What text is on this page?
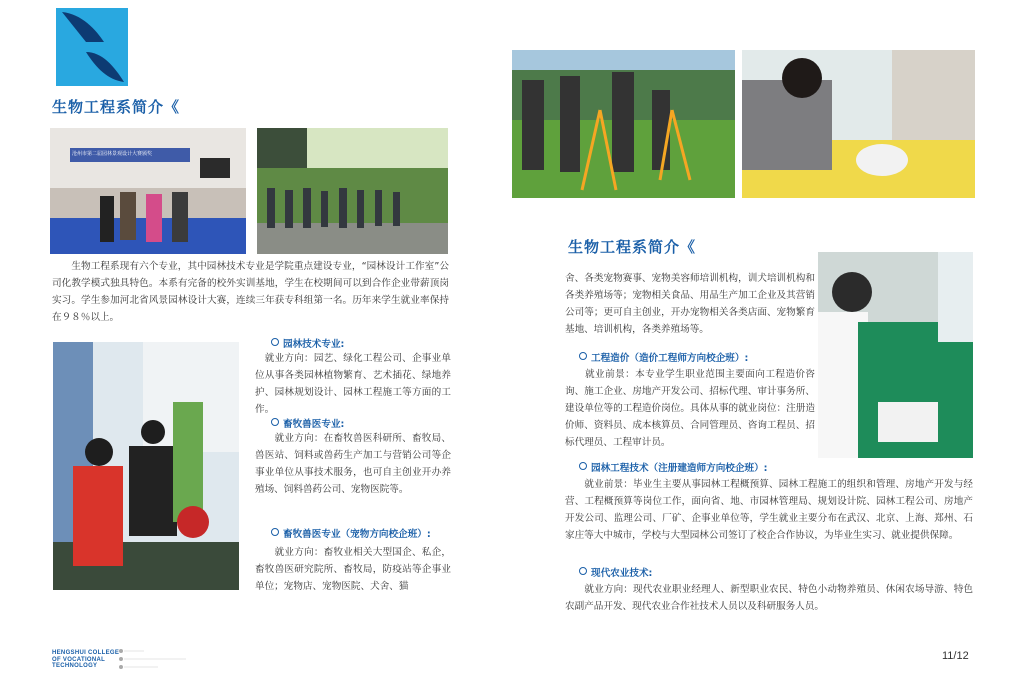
生物工程系简介《
沧州市第二届园林景观设计大赛颁奖
　　生物工程系现有六个专业，其中园林技术专业是学院重点建设专业，“园林设计工作室”公司化教学模式独具特色。本系有完备的校外实训基地，学生在校期间可以到合作企业带薪顶岗实习。学生参加河北省风景园林设计大赛，连续三年获专科组第一名。历年来学生就业率保持在９８％以上。
园林技术专业:
　就业方向：园艺、绿化工程公司、企事业单位从事各类园林植物繁育、艺术插花、绿地养护、园林规划设计、园林工程施工等方面的工作。
畜牧兽医专业:
　　就业方向：在畜牧兽医科研所、畜牧局、兽医站、饲料或兽药生产加工与营销公司等企事业单位从事技术服务，也可自主创业开办养殖场、饲料兽药公司、宠物医院等。
畜牧兽医专业（宠物方向校企班）:
　　就业方向：畜牧业相关大型国企、私企，畜牧兽医研究院所、畜牧局，防疫站等企事业单位；宠物店、宠物医院、犬舍、猫
生物工程系简介《
舍、各类宠物赛事、宠物美容师培训机构，训犬培训机构和各类养殖场等；宠物相关食品、用品生产加工企业及其营销公司等；更可自主创业，开办宠物相关各类店面、宠物繁育基地、培训机构，各类养殖场等。
工程造价（造价工程师方向校企班）:
　　就业前景：本专业学生职业范围主要面向工程造价咨询、施工企业、房地产开发公司、招标代理、审计事务所、建设单位等的工程造价岗位。具体从事的就业岗位：注册造价师、资料员、成本核算员、合同管理员、咨询工程员、招标代理员、工程审计员。
园林工程技术（注册建造师方向校企班）:
　　就业前景：毕业生主要从事园林工程概预算、园林工程施工的组织和管理、房地产开发与经营、工程概预算等岗位工作，面向省、地、市园林管理局、规划设计院、园林工程公司、房地产开发公司、监理公司、厂矿、企事业单位等，学生就业主要分布在武汉、北京、上海、郑州、石家庄等大中城市，学校与大型园林公司签订了校企合作协议，为毕业生实习、就业提供保障。
现代农业技术:
　　就业方向：现代农业职业经理人、新型职业农民、特色小动物养殖员、休闲农场导游、特色农副产品开发、现代农业合作社技术人员以及科研服务人员。
HENGSHUI COLLEGE
OF VOCATIONAL
TECHNOLOGY
11/12
